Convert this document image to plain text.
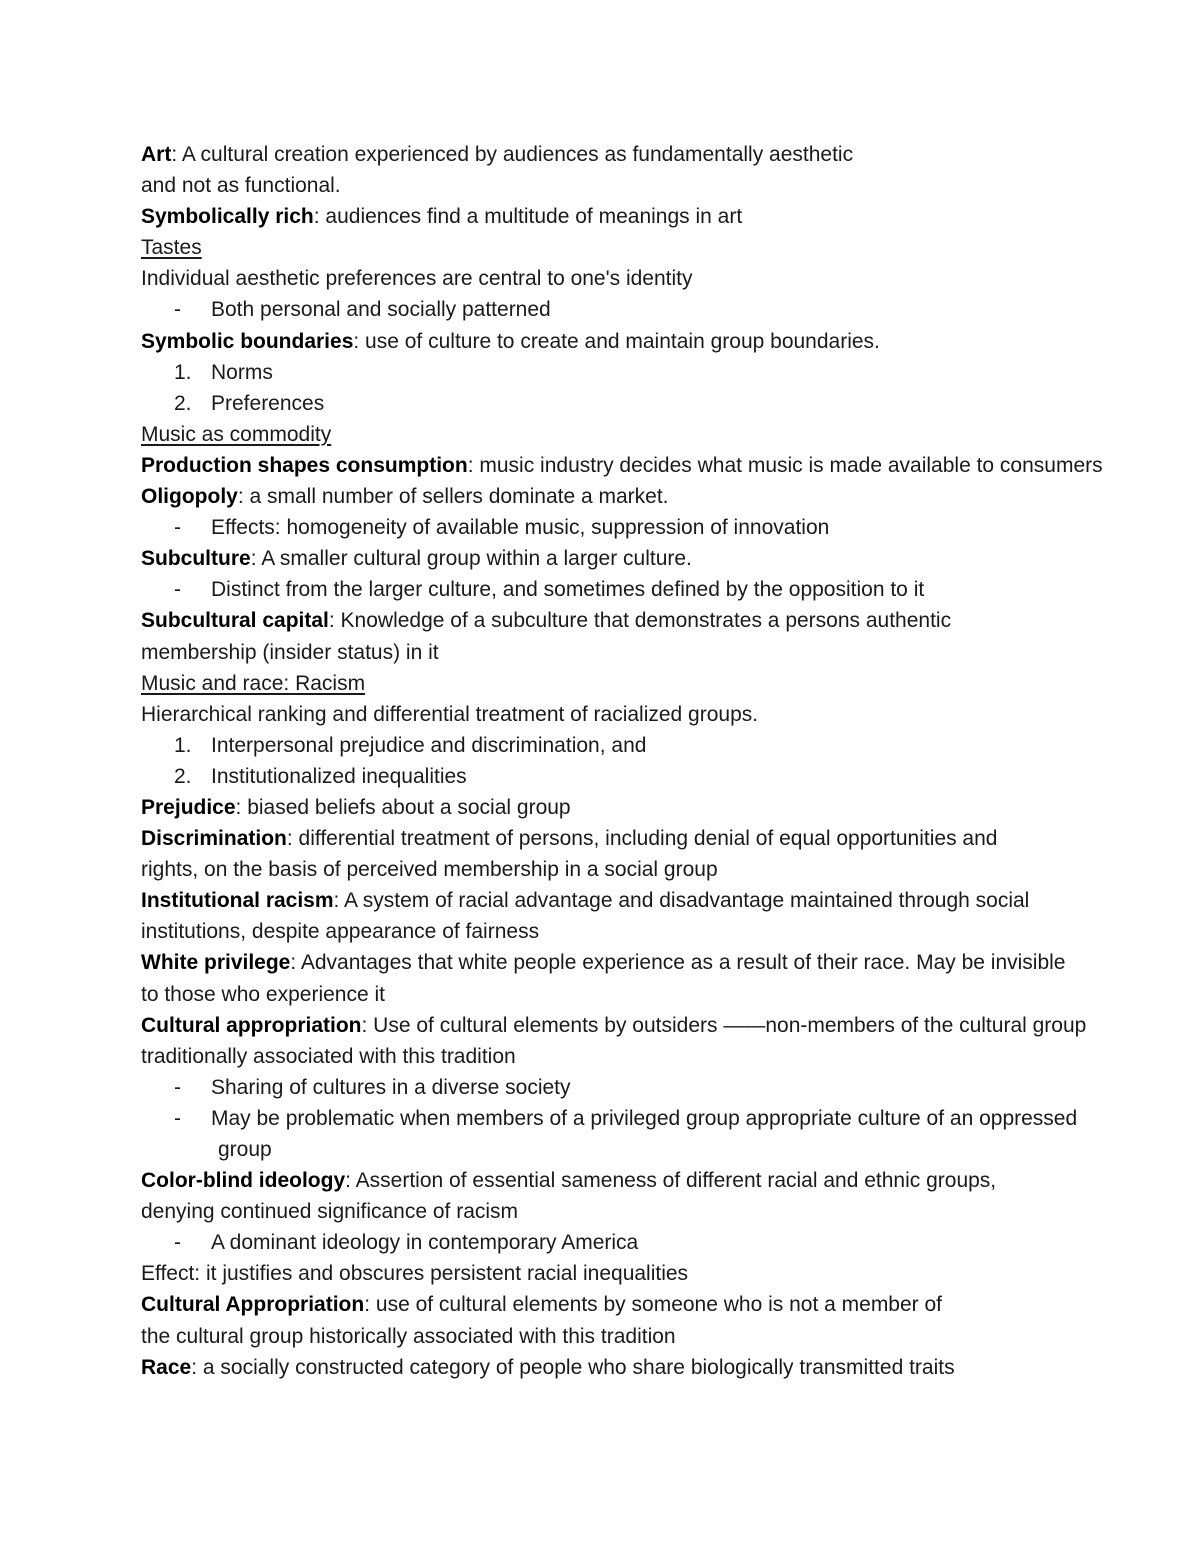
Art: A cultural creation experienced by audiences as fundamentally aesthetic
and not as functional.
Symbolically rich: audiences find a multitude of meanings in art
Tastes
Individual aesthetic preferences are central to one's identity
- Both personal and socially patterned
Symbolic boundaries: use of culture to create and maintain group boundaries.
1. Norms
2. Preferences
Music as commodity
Production shapes consumption: music industry decides what music is made available to consumers
Oligopoly: a small number of sellers dominate a market.
- Effects: homogeneity of available music, suppression of innovation
Subculture: A smaller cultural group within a larger culture.
- Distinct from the larger culture, and sometimes defined by the opposition to it
Subcultural capital: Knowledge of a subculture that demonstrates a persons authentic
membership (insider status) in it
Music and race: Racism
Hierarchical ranking and differential treatment of racialized groups.
1. Interpersonal prejudice and discrimination, and
2. Institutionalized inequalities
Prejudice: biased beliefs about a social group
Discrimination: differential treatment of persons, including denial of equal opportunities and
rights, on the basis of perceived membership in a social group
Institutional racism: A system of racial advantage and disadvantage maintained through social
institutions, despite appearance of fairness
White privilege: Advantages that white people experience as a result of their race. May be invisible
to those who experience it
Cultural appropriation: Use of cultural elements by outsiders ——non-members of the cultural group
traditionally associated with this tradition
- Sharing of cultures in a diverse society
- May be problematic when members of a privileged group appropriate culture of an oppressed
group
Color-blind ideology: Assertion of essential sameness of different racial and ethnic groups,
denying continued significance of racism
- A dominant ideology in contemporary America
Effect: it justifies and obscures persistent racial inequalities
Cultural Appropriation: use of cultural elements by someone who is not a member of
the cultural group historically associated with this tradition
Race: a socially constructed category of people who share biologically transmitted traits
